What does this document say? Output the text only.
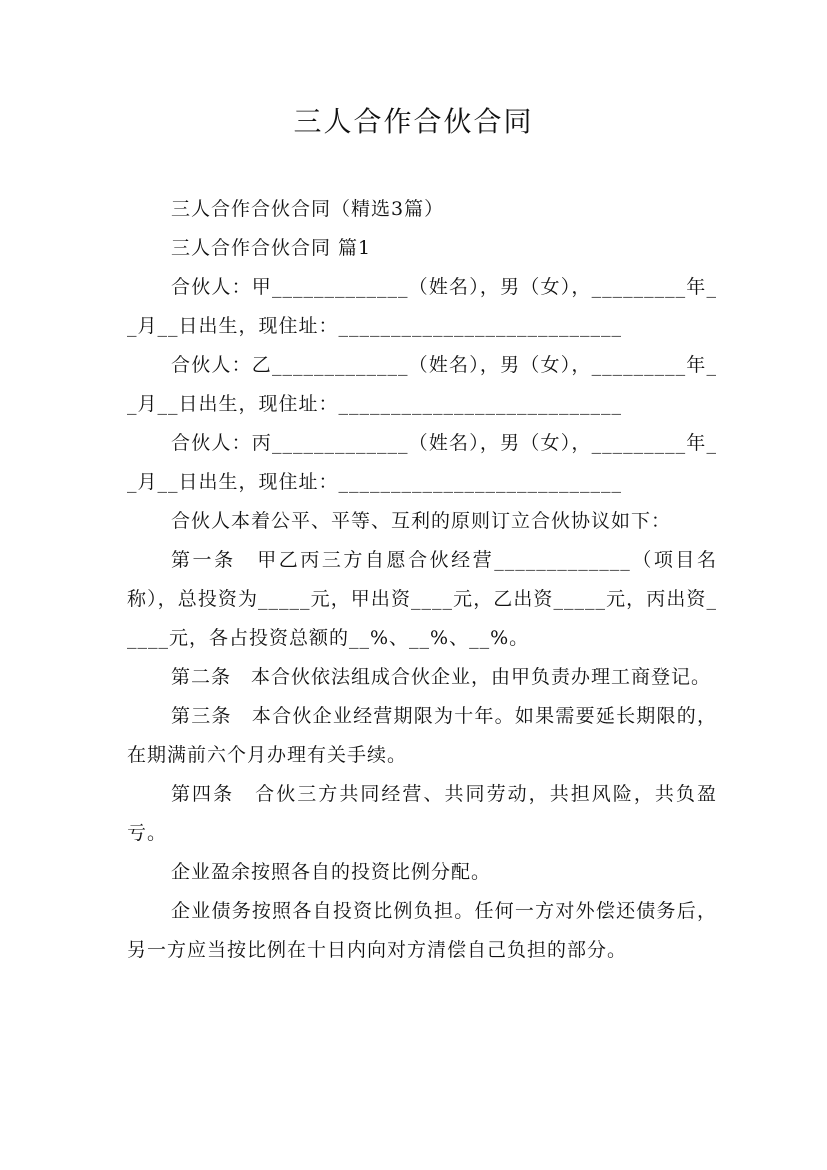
三人合作合伙合同

三人合作合伙合同（精选3篇）

三人合作合伙合同 篇1

合伙人：甲_____________（姓名），男（女），_________年__月__日出生，现住址：___________________________

合伙人：乙_____________（姓名），男（女），_________年__月__日出生，现住址：___________________________

合伙人：丙_____________（姓名），男（女），_________年__月__日出生，现住址：___________________________

合伙人本着公平、平等、互利的原则订立合伙协议如下：

第一条　甲乙丙三方自愿合伙经营_____________（项目名称），总投资为_____元，甲出资____元，乙出资_____元，丙出资_____元，各占投资总额的__%、__%、__%。

第二条　本合伙依法组成合伙企业，由甲负责办理工商登记。

第三条　本合伙企业经营期限为十年。如果需要延长期限的，在期满前六个月办理有关手续。

第四条　合伙三方共同经营、共同劳动，共担风险，共负盈亏。

企业盈余按照各自的投资比例分配。

企业债务按照各自投资比例负担。任何一方对外偿还债务后，另一方应当按比例在十日内向对方清偿自己负担的部分。
